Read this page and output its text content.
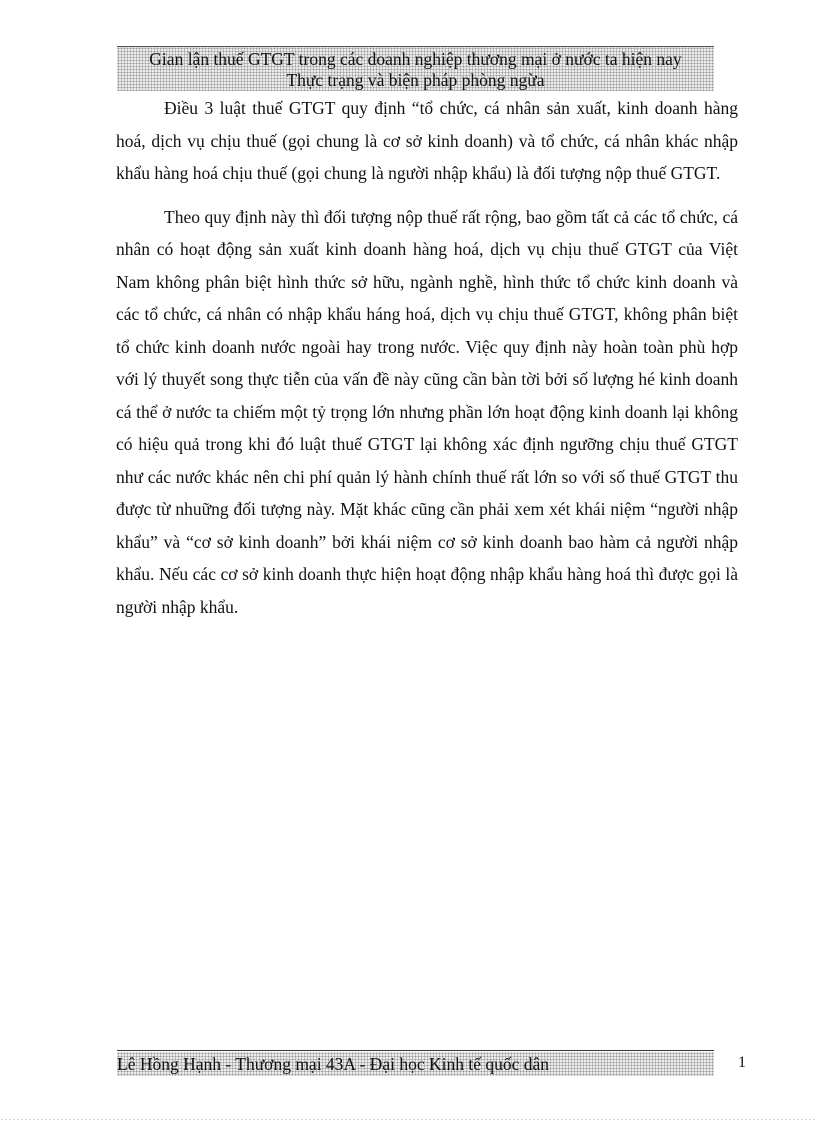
Gian lận thuế GTGT trong các doanh nghiệp thương mại ở nước ta hiện nay

Thực trạng và biện pháp phòng ngừa

Điều 3 luật thuế GTGT quy định “tổ chức, cá nhân sản xuất, kinh doanh hàng hoá, dịch vụ chịu thuế (gọi chung là cơ sở kinh doanh) và tổ chức, cá nhân khác nhập khẩu hàng hoá chịu thuế (gọi chung là người nhập khẩu) là đối tượng nộp thuế GTGT.

Theo quy định này thì đối tượng nộp thuế rất rộng, bao gồm tất cả các tổ chức, cá nhân có hoạt động sản xuất kinh doanh hàng hoá, dịch vụ chịu thuế GTGT của Việt Nam không phân biệt hình thức sở hữu, ngành nghề, hình thức tổ chức kinh doanh và các tổ chức, cá nhân có nhập khẩu háng hoá, dịch vụ chịu thuế GTGT, không phân biệt tổ chức kinh doanh nước ngoài hay trong nước. Việc quy định này hoàn toàn phù hợp với lý thuyết song thực tiễn của vấn đề này cũng cần bàn tời bởi số lượng hé kinh doanh cá thể ở nước ta chiếm một tỷ trọng lớn nhưng phần lớn hoạt động kinh doanh lại không có hiệu quả trong khi đó luật thuế GTGT lại không xác định ngưỡng chịu thuế GTGT như các nước khác nên chi phí quản lý hành chính thuế rất lớn so với số thuế GTGT thu được từ nhuững đối tượng này. Mặt khác cũng cần phải xem xét khái niệm “người nhập khẩu” và “cơ sở kinh doanh” bởi khái niệm cơ sở kinh doanh bao hàm cả người nhập khẩu. Nếu các cơ sở kinh doanh thực hiện hoạt động nhập khẩu hàng hoá thì được gọi là người nhập khẩu.

Lê Hồng Hạnh - Thương mại 43A - Đại học Kinh tế quốc dân	1
